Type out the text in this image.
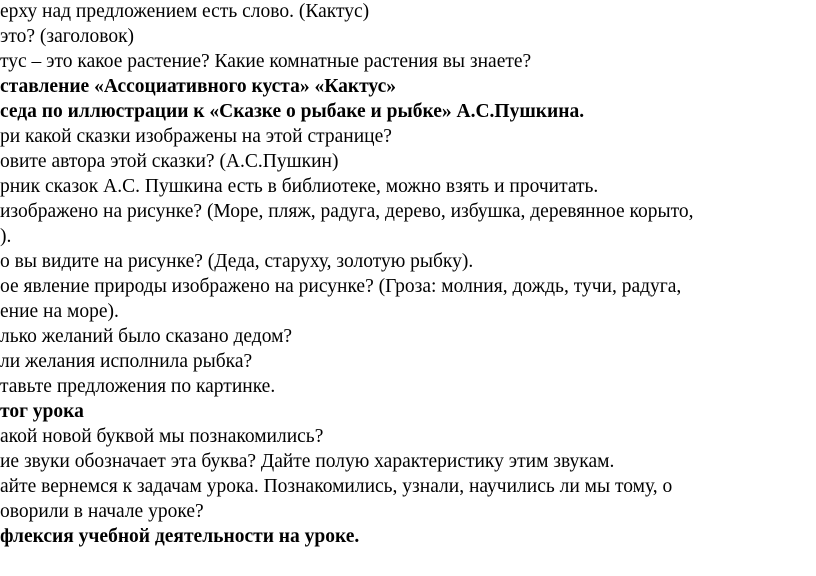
ерху над предложением есть слово. (Кактус)
это? (заголовок)
тус – это какое растение? Какие комнатные растения вы знаете?
ставление «Ассоциативного куста» «Кактус»
седа по иллюстрации к «Сказке о рыбаке и рыбке» А.С.Пушкина.
ри какой сказки изображены на этой странице?
овите автора этой сказки? (А.С.Пушкин)
рник сказок А.С. Пушкина есть в библиотеке, можно взять и прочитать.
изображено на рисунке? (Море, пляж, радуга, дерево, избушка, деревянное корыто,
).
о вы видите на рисунке? (Деда, старуху, золотую рыбку).
ое явление природы изображено на рисунке? (Гроза: молния, дождь, тучи, радуга,
ение на море).
лько желаний было сказано дедом?
ли желания исполнила рыбка?
тавьте предложения по картинке.
тог урока
акой новой буквой мы познакомились?
ие звуки обозначает эта буква? Дайте полую характеристику этим звукам.
айте вернемся к задачам урока. Познакомились, узнали, научились ли мы тому, о
оворили в начале уроке?
флексия учебной деятельности на уроке.
